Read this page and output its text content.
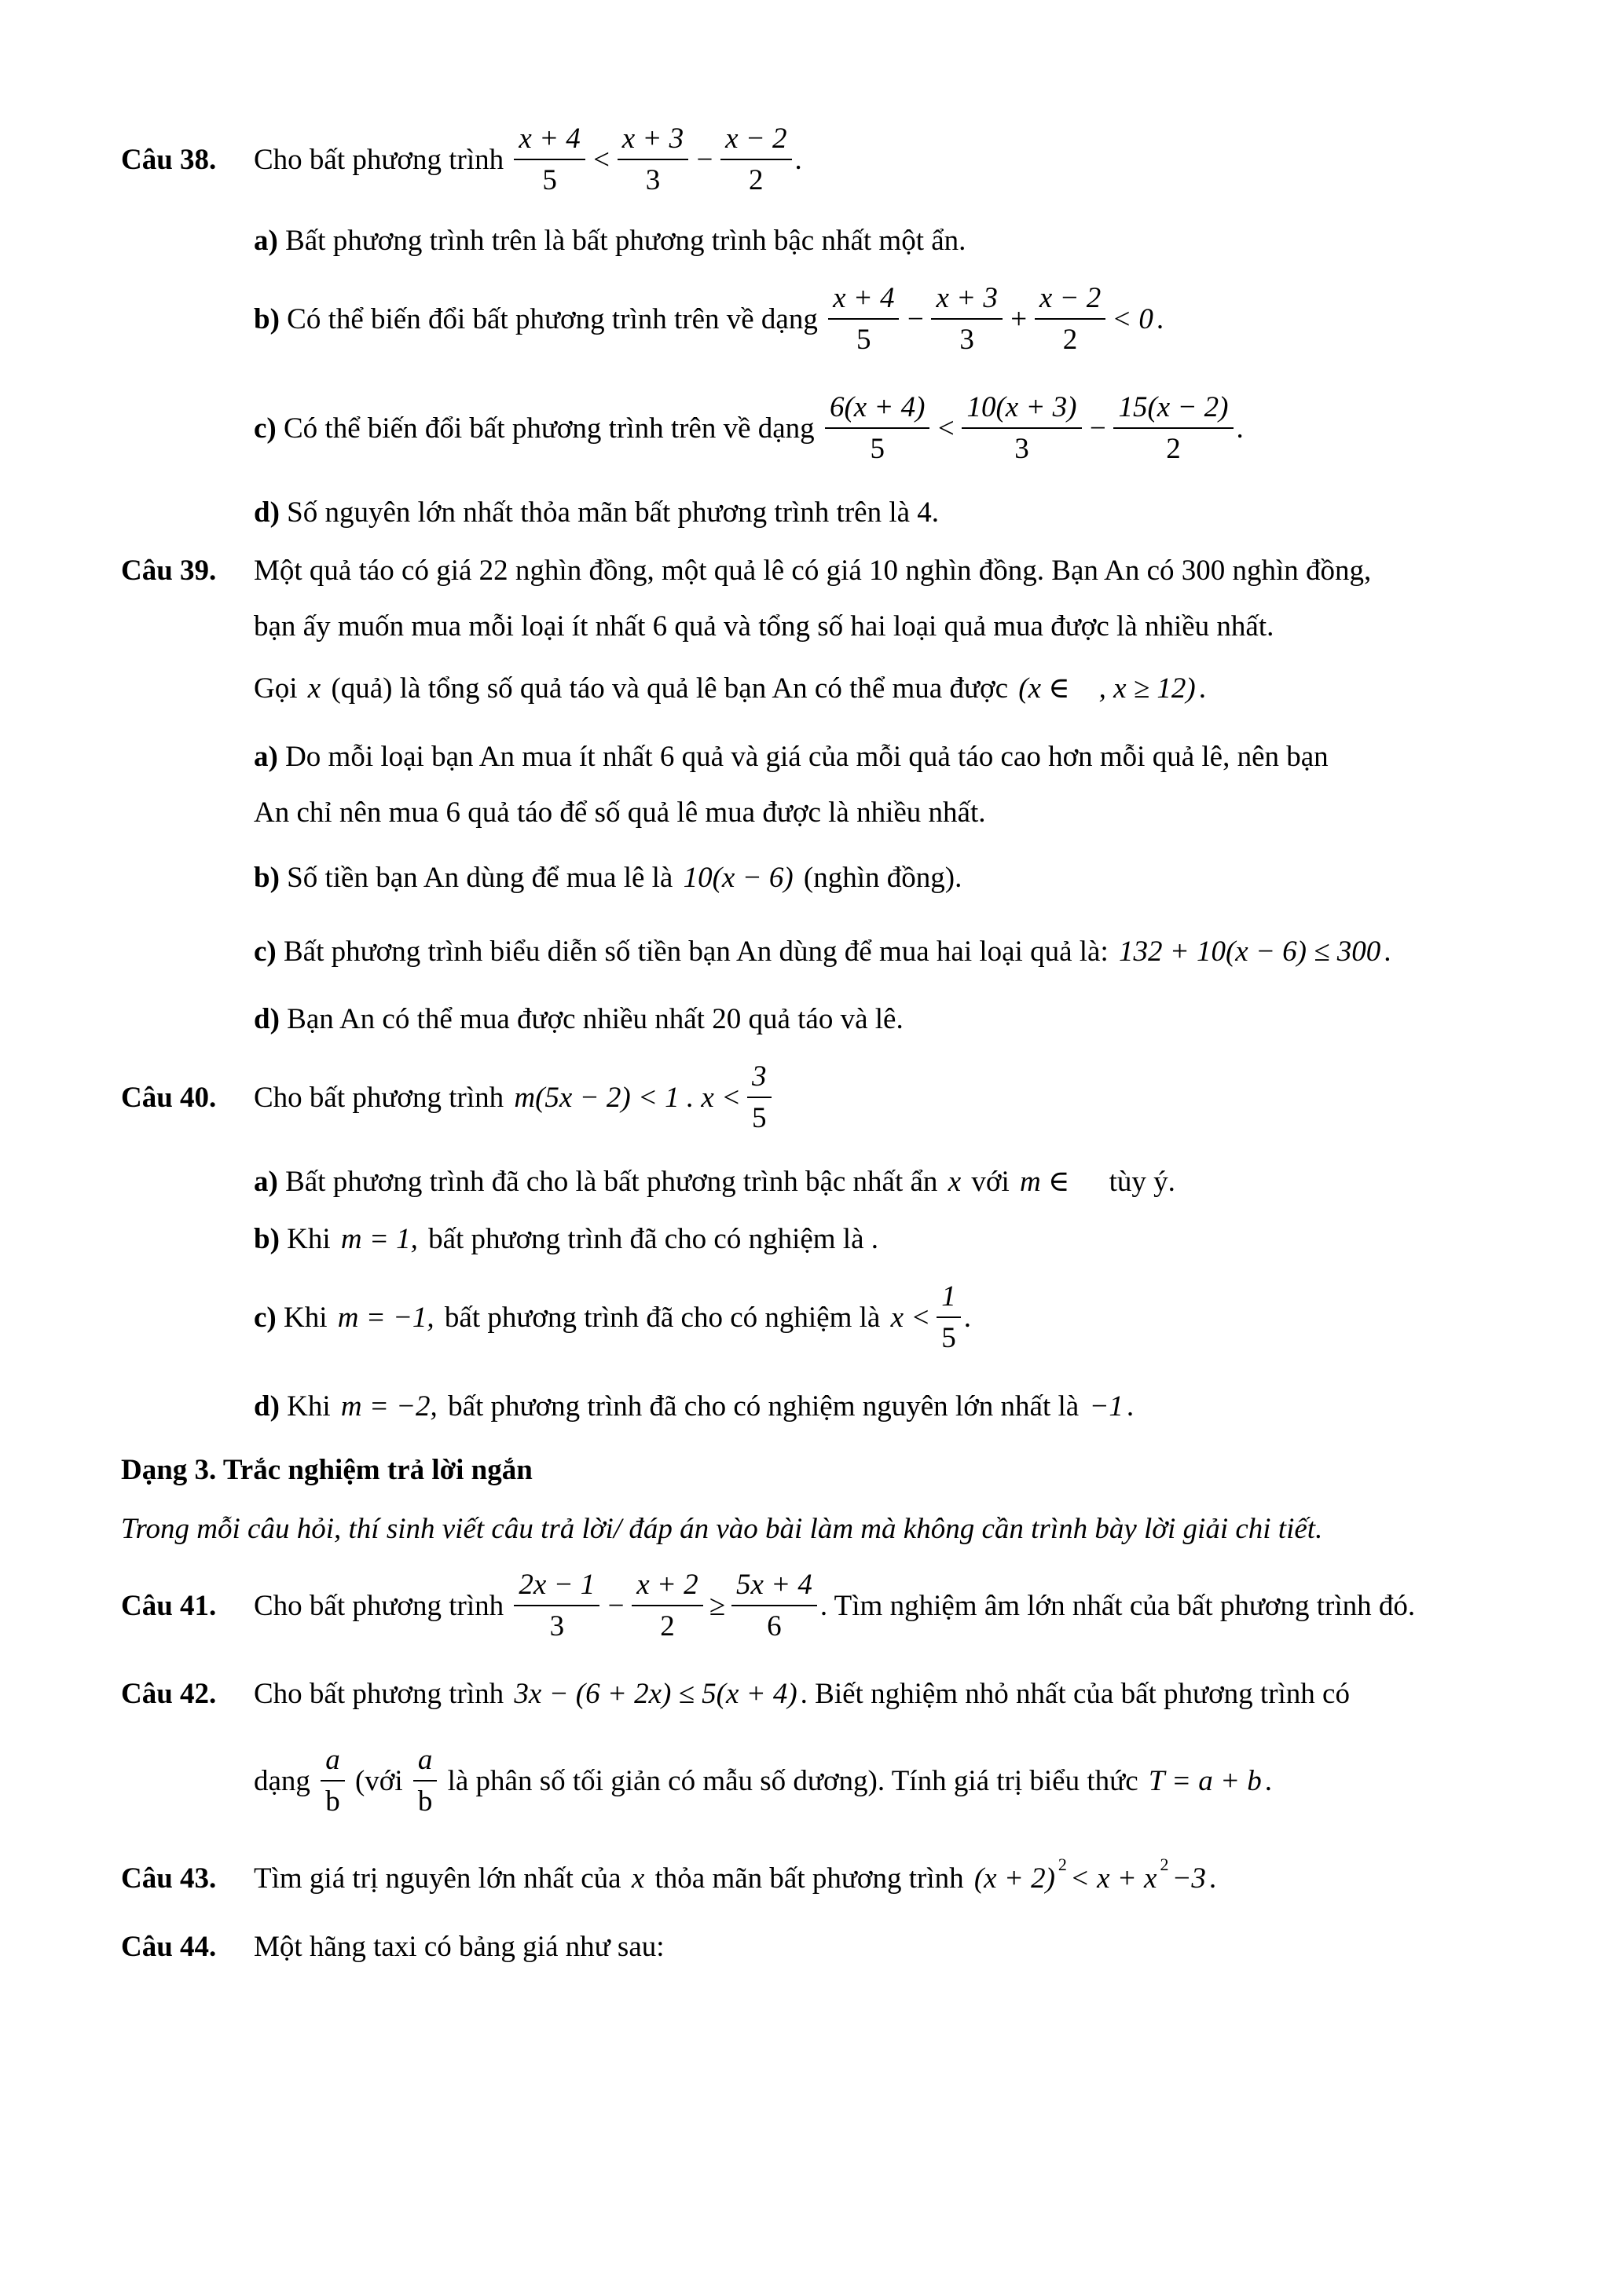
Câu 38. Cho bất phương trình $\frac{x + 4}{5} < \frac{x + 3}{3} - \frac{x - 2}{2}$ .
a) Bất phương trình trên là bất phương trình bậc nhất một ẩn.
b) Có thể biến đổi bất phương trình trên về dạng $\frac{x + 4}{5} - \frac{x + 3}{3} + \frac{x - 2}{2} < 0$ .
c) Có thể biến đổi bất phương trình trên về dạng $\frac{6(x + 4)}{5} < \frac{10(x + 3)}{3} - \frac{15(x - 2)}{2}$ .
d) Số nguyên lớn nhất thỏa mãn bất phương trình trên là 4.
Câu 39. Một quả táo có giá 22 nghìn đồng, một quả lê có giá 10 nghìn đồng. Bạn An có 300 nghìn đồng,
bạn ấy muốn mua mỗi loại ít nhất 6 quả và tổng số hai loại quả mua được là nhiều nhất.
Gọi x (quả) là tổng số quả táo và quả lê bạn An có thể mua được (x ∈    , x ≥ 12) .
a) Do mỗi loại bạn An mua ít nhất 6 quả và giá của mỗi quả táo cao hơn mỗi quả lê, nên bạn
An chỉ nên mua 6 quả táo để số quả lê mua được là nhiều nhất.
b) Số tiền bạn An dùng để mua lê là 10(x − 6) (nghìn đồng).
c) Bất phương trình biểu diễn số tiền bạn An dùng để mua hai loại quả là: 132 + 10(x − 6) ≤ 300 .
d) Bạn An có thể mua được nhiều nhất 20 quả táo và lê.
Câu 40. Cho bất phương trình m(5x − 2) < 1 . $x < \frac{3}{5}$
a) Bất phương trình đã cho là bất phương trình bậc nhất ẩn x với m ∈ tùy ý.
b) Khi m = 1, bất phương trình đã cho có nghiệm là .
c) Khi m = −1, bất phương trình đã cho có nghiệm là $x < \frac{1}{5}$ .
d) Khi m = −2, bất phương trình đã cho có nghiệm nguyên lớn nhất là −1 .
Dạng 3. Trắc nghiệm trả lời ngắn
Trong mỗi câu hỏi, thí sinh viết câu trả lời/ đáp án vào bài làm mà không cần trình bày lời giải chi tiết.
Câu 41. Cho bất phương trình $\frac{2x - 1}{3} - \frac{x + 2}{2} \ge \frac{5x + 4}{6}$ . Tìm nghiệm âm lớn nhất của bất phương trình đó.
Câu 42. Cho bất phương trình 3x − (6 + 2x) ≤ 5(x + 4) . Biết nghiệm nhỏ nhất của bất phương trình có
dạng $\frac{a}{b}$ (với $\frac{a}{b}$ là phân số tối giản có mẫu số dương). Tính giá trị biểu thức T = a + b .
Câu 43. Tìm giá trị nguyên lớn nhất của x thỏa mãn bất phương trình (x + 2) 2 < x + x 2 −3 .
Câu 44. Một hãng taxi có bảng giá như sau:
